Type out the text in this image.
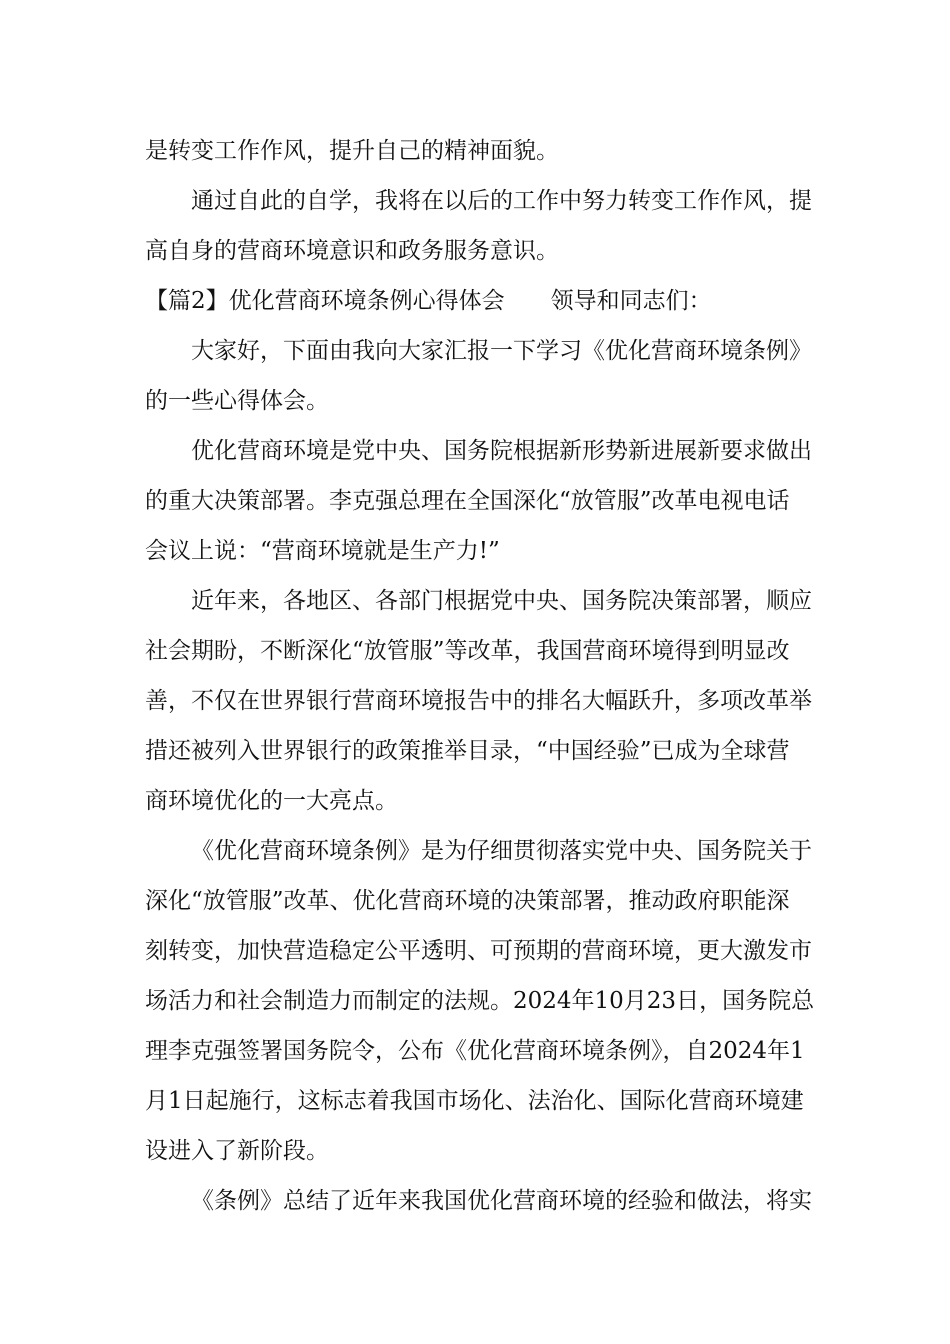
是转变工作作风，提升自己的精神面貌。
通过自此的自学，我将在以后的工作中努力转变工作作风，提
高自身的营商环境意识和政务服务意识。
【篇2】优化营商环境条例心得体会　　领导和同志们：
大家好，下面由我向大家汇报一下学习《优化营商环境条例》
的一些心得体会。
优化营商环境是党中央、国务院根据新形势新进展新要求做出
的重大决策部署。李克强总理在全国深化“放管服”改革电视电话
会议上说：“营商环境就是生产力!”
近年来，各地区、各部门根据党中央、国务院决策部署，顺应
社会期盼，不断深化“放管服”等改革，我国营商环境得到明显改
善，不仅在世界银行营商环境报告中的排名大幅跃升，多项改革举
措还被列入世界银行的政策推举目录，“中国经验”已成为全球营
商环境优化的一大亮点。
《优化营商环境条例》是为仔细贯彻落实党中央、国务院关于
深化“放管服”改革、优化营商环境的决策部署，推动政府职能深
刻转变，加快营造稳定公平透明、可预期的营商环境，更大激发市
场活力和社会制造力而制定的法规。2024年10月23日，国务院总
理李克强签署国务院令，公布《优化营商环境条例》，自2024年1
月1日起施行，这标志着我国市场化、法治化、国际化营商环境建
设进入了新阶段。
《条例》总结了近年来我国优化营商环境的经验和做法，将实
